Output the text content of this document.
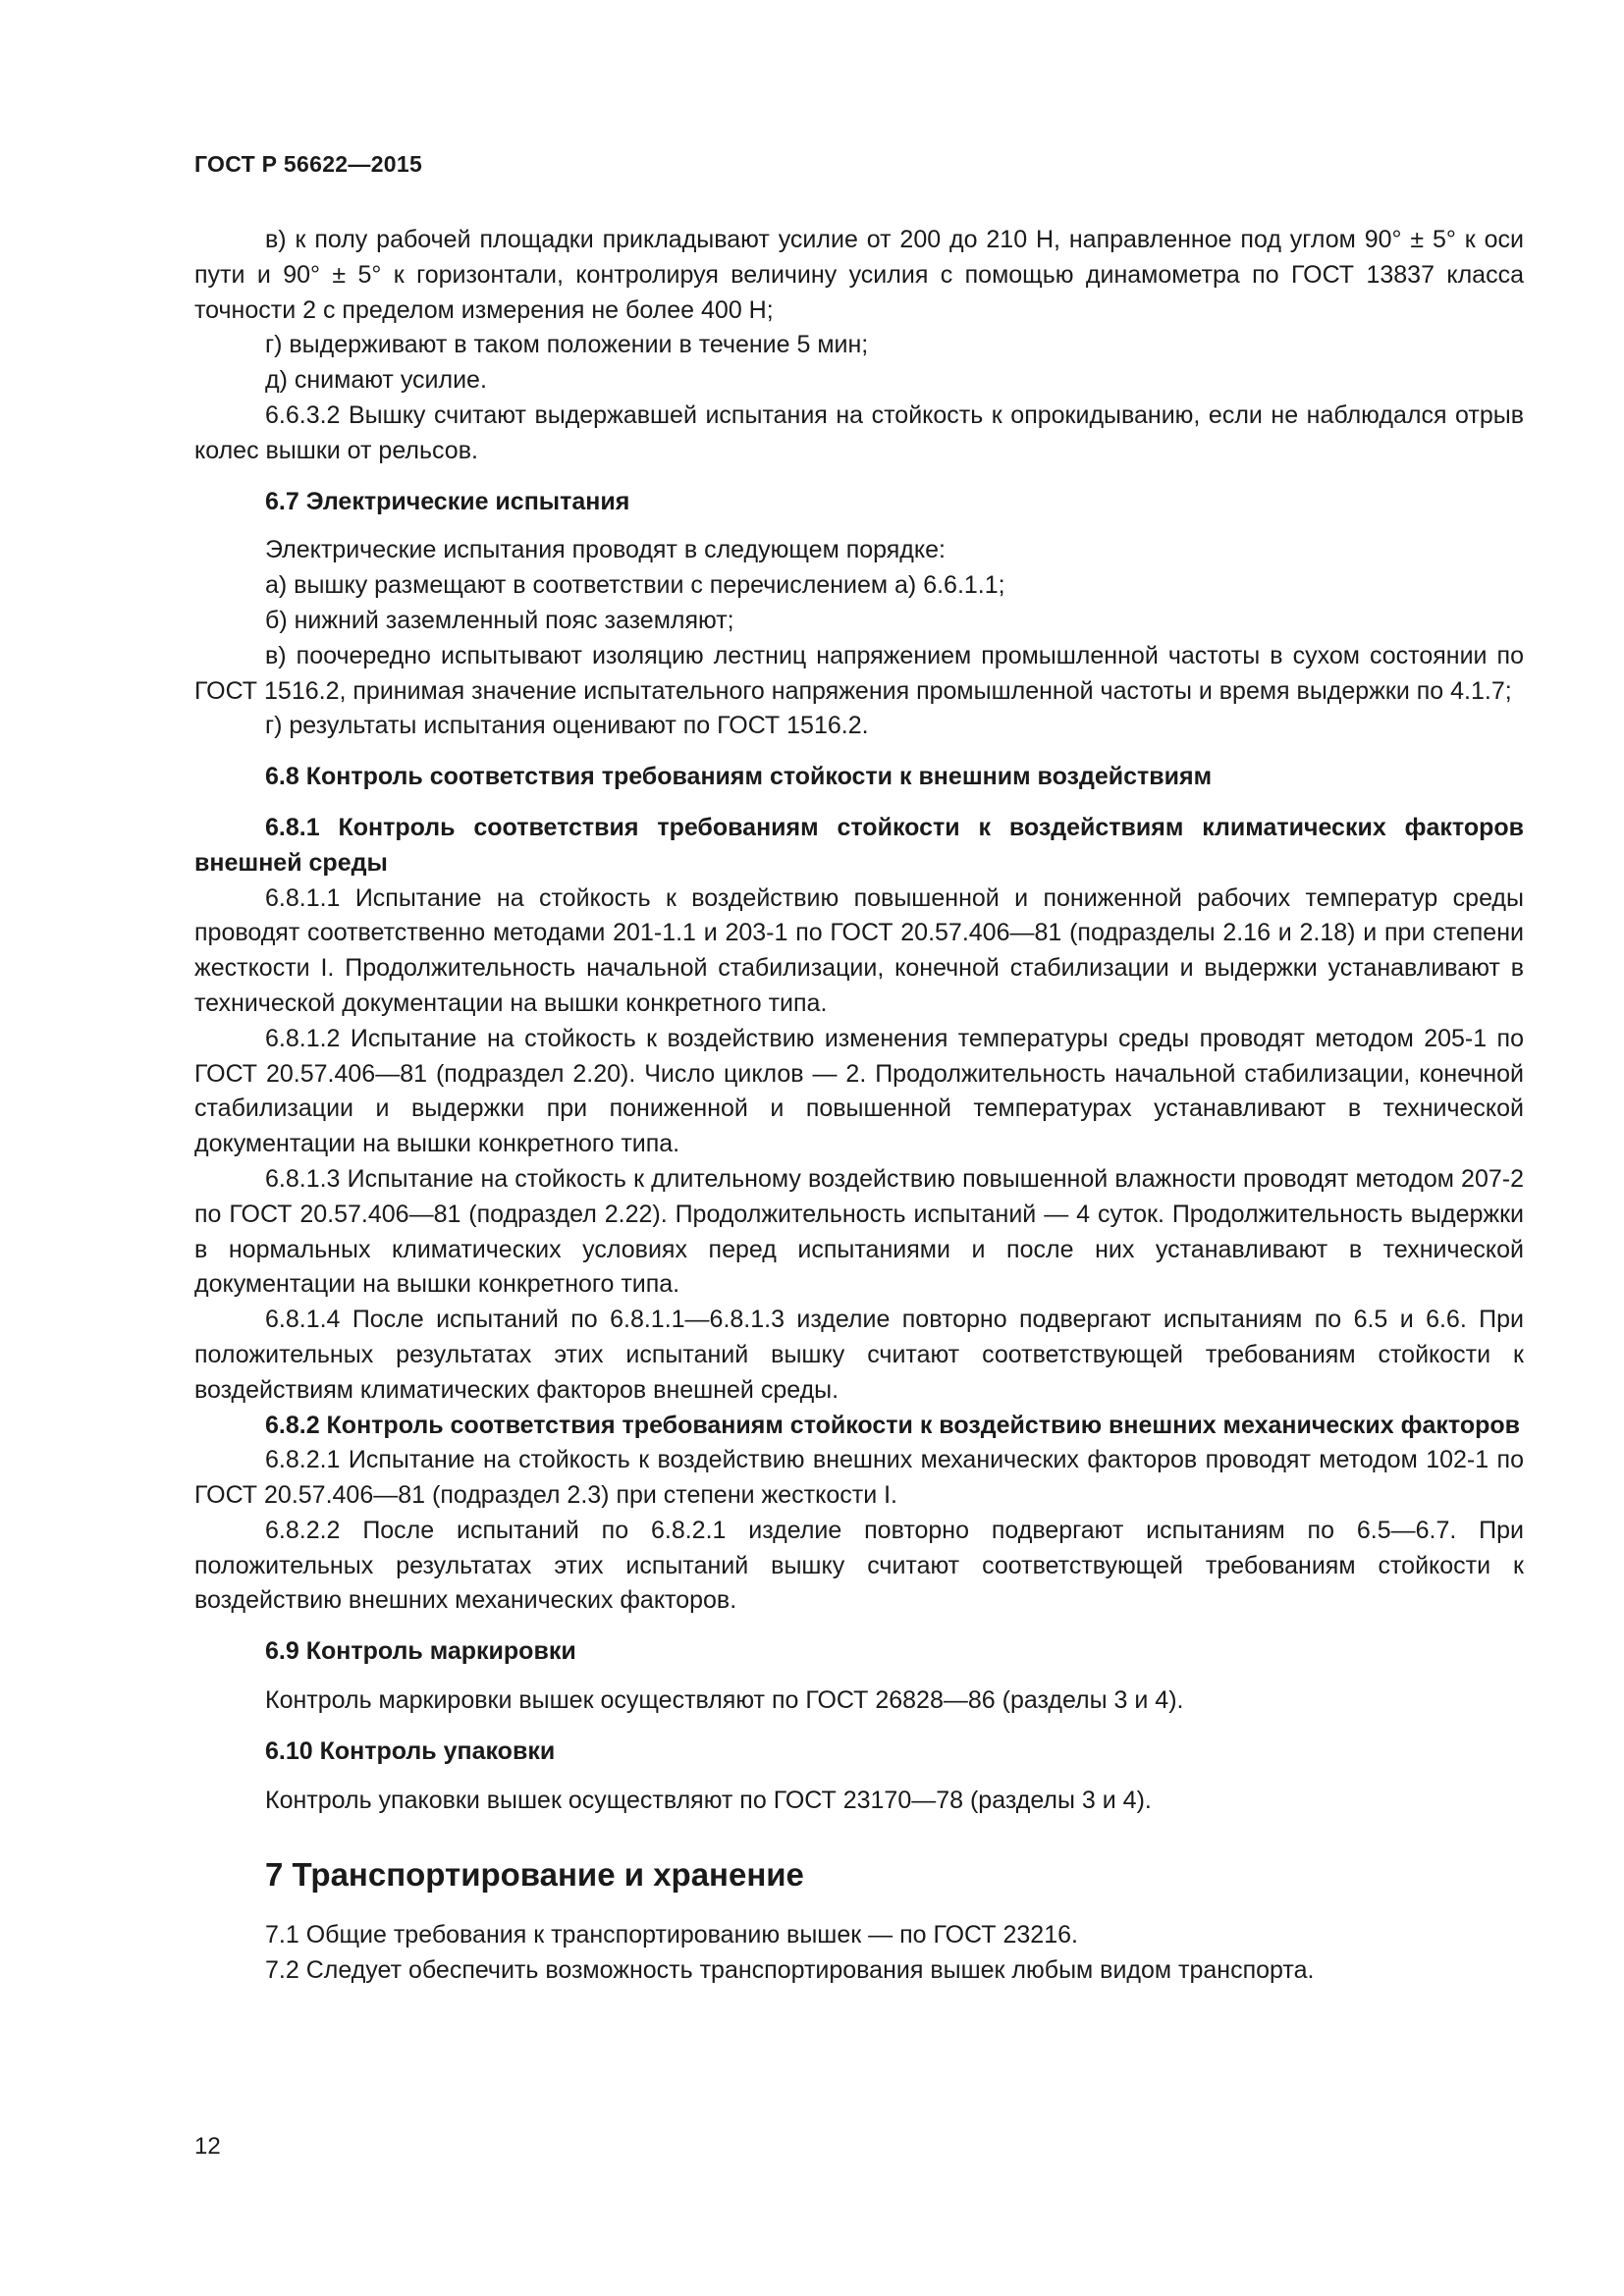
ГОСТ Р 56622—2015

в) к полу рабочей площадки прикладывают усилие от 200 до 210 Н, направленное под углом 90° ± 5° к оси пути и 90° ± 5° к горизонтали, контролируя величину усилия с помощью динамометра по ГОСТ 13837 класса точности 2 с пределом измерения не более 400 Н;

г) выдерживают в таком положении в течение 5 мин;

д) снимают усилие.

6.6.3.2 Вышку считают выдержавшей испытания на стойкость к опрокидыванию, если не наблюдался отрыв колес вышки от рельсов.

6.7 Электрические испытания

Электрические испытания проводят в следующем порядке:

а) вышку размещают в соответствии с перечислением а) 6.6.1.1;

б) нижний заземленный пояс заземляют;

в) поочередно испытывают изоляцию лестниц напряжением промышленной частоты в сухом состоянии по ГОСТ 1516.2, принимая значение испытательного напряжения промышленной частоты и время выдержки по 4.1.7;

г) результаты испытания оценивают по ГОСТ 1516.2.

6.8 Контроль соответствия требованиям стойкости к внешним воздействиям

6.8.1 Контроль соответствия требованиям стойкости к воздействиям климатических факторов внешней среды

6.8.1.1 Испытание на стойкость к воздействию повышенной и пониженной рабочих температур среды проводят соответственно методами 201-1.1 и 203-1 по ГОСТ 20.57.406—81 (подразделы 2.16 и 2.18) и при степени жесткости I. Продолжительность начальной стабилизации, конечной стабилизации и выдержки устанавливают в технической документации на вышки конкретного типа.

6.8.1.2 Испытание на стойкость к воздействию изменения температуры среды проводят методом 205-1 по ГОСТ 20.57.406—81 (подраздел 2.20). Число циклов — 2. Продолжительность начальной стабилизации, конечной стабилизации и выдержки при пониженной и повышенной температурах устанавливают в технической документации на вышки конкретного типа.

6.8.1.3 Испытание на стойкость к длительному воздействию повышенной влажности проводят методом 207-2 по ГОСТ 20.57.406—81 (подраздел 2.22). Продолжительность испытаний — 4 суток. Продолжительность выдержки в нормальных климатических условиях перед испытаниями и после них устанавливают в технической документации на вышки конкретного типа.

6.8.1.4 После испытаний по 6.8.1.1—6.8.1.3 изделие повторно подвергают испытаниям по 6.5 и 6.6. При положительных результатах этих испытаний вышку считают соответствующей требованиям стойкости к воздействиям климатических факторов внешней среды.

6.8.2 Контроль соответствия требованиям стойкости к воздействию внешних механических факторов

6.8.2.1 Испытание на стойкость к воздействию внешних механических факторов проводят методом 102-1 по ГОСТ 20.57.406—81 (подраздел 2.3) при степени жесткости I.

6.8.2.2 После испытаний по 6.8.2.1 изделие повторно подвергают испытаниям по 6.5—6.7. При положительных результатах этих испытаний вышку считают соответствующей требованиям стойкости к воздействию внешних механических факторов.

6.9 Контроль маркировки

Контроль маркировки вышек осуществляют по ГОСТ 26828—86 (разделы 3 и 4).

6.10 Контроль упаковки

Контроль упаковки вышек осуществляют по ГОСТ 23170—78 (разделы 3 и 4).

7 Транспортирование и хранение

7.1 Общие требования к транспортированию вышек — по ГОСТ 23216.

7.2 Следует обеспечить возможность транспортирования вышек любым видом транспорта.

12
